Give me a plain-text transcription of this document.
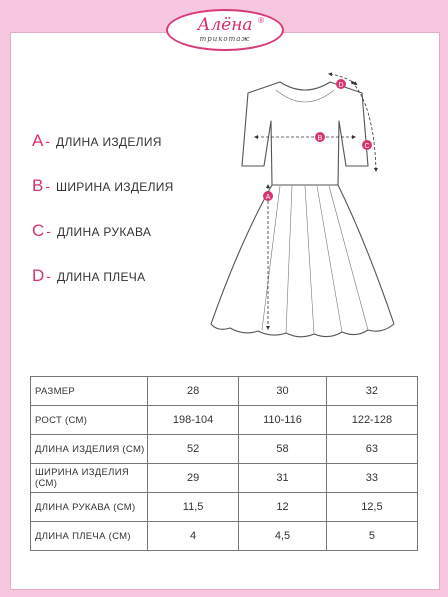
Алёна ®
трикотаж
A - ДЛИНА ИЗДЕЛИЯ
B - ШИРИНА ИЗДЕЛИЯ
C - ДЛИНА РУКАВА
D - ДЛИНА ПЛЕЧА
A
B
C
D
РАЗМЕР	28	30	32
РОСТ (СМ)	198-104	110-116	122-128
ДЛИНА ИЗДЕЛИЯ (СМ)	52	58	63
ШИРИНА ИЗДЕЛИЯ (СМ)	29	31	33
ДЛИНА РУКАВА (СМ)	11,5	12	12,5
ДЛИНА ПЛЕЧА (СМ)	4	4,5	5
